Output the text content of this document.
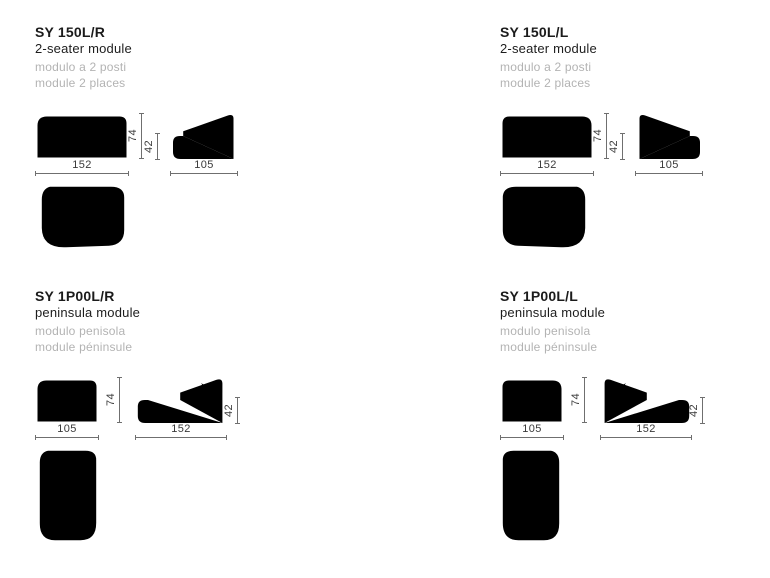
SY 150L/R
2-seater module
modulo a 2 posti
module 2 places
152
74
42
105
SY 150L/L
2-seater module
modulo a 2 posti
module 2 places
152
74
42
105
SY 1P00L/R
peninsula module
modulo penisola
module péninsule
105
74
152
42
SY 1P00L/L
peninsula module
modulo penisola
module péninsule
105
74
152
42
